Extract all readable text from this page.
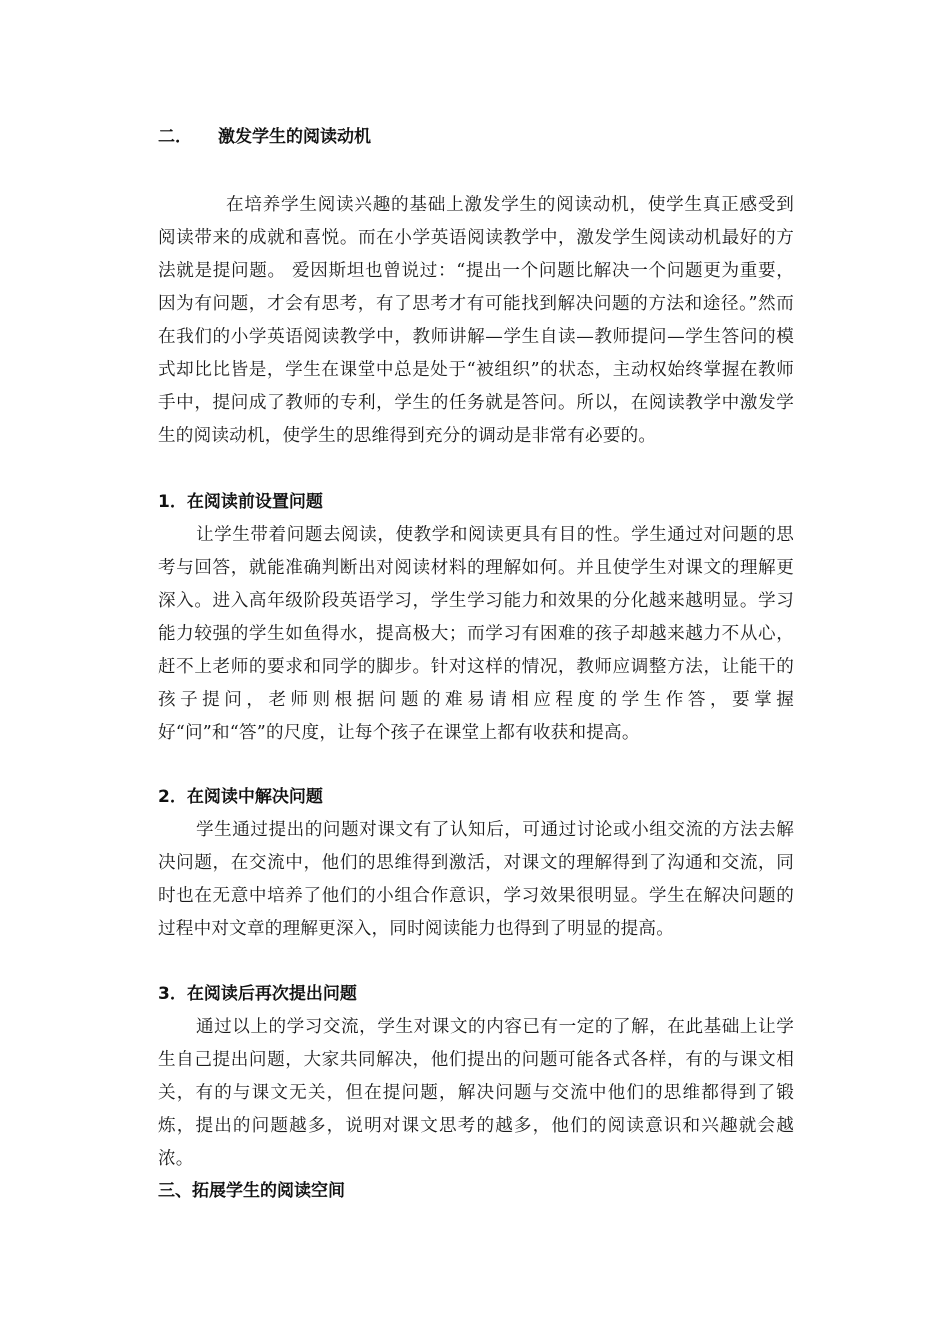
二． 激发学生的阅读动机

在培养学生阅读兴趣的基础上激发学生的阅读动机，使学生真正感受到阅读带来的成就和喜悦。而在小学英语阅读教学中，激发学生阅读动机最好的方法就是提问题。 爱因斯坦也曾说过：“提出一个问题比解决一个问题更为重要，因为有问题，才会有思考，有了思考才有可能找到解决问题的方法和途径。”然而在我们的小学英语阅读教学中，教师讲解—学生自读—教师提问—学生答问的模式却比比皆是，学生在课堂中总是处于“被组织”的状态，主动权始终掌握在教师手中，提问成了教师的专利，学生的任务就是答问。所以，在阅读教学中激发学生的阅读动机，使学生的思维得到充分的调动是非常有必要的。

1．在阅读前设置问题

让学生带着问题去阅读，使教学和阅读更具有目的性。学生通过对问题的思考与回答，就能准确判断出对阅读材料的理解如何。并且使学生对课文的理解更深入。进入高年级阶段英语学习，学生学习能力和效果的分化越来越明显。学习能力较强的学生如鱼得水，提高极大；而学习有困难的孩子却越来越力不从心，赶不上老师的要求和同学的脚步。针对这样的情况，教师应调整方法，让能干的孩子提问，老师则根据问题的难易请相应程度的学生作答，要掌握好“问”和“答”的尺度，让每个孩子在课堂上都有收获和提高。

2．在阅读中解决问题

学生通过提出的问题对课文有了认知后，可通过讨论或小组交流的方法去解决问题，在交流中，他们的思维得到激活，对课文的理解得到了沟通和交流，同时也在无意中培养了他们的小组合作意识，学习效果很明显。学生在解决问题的过程中对文章的理解更深入，同时阅读能力也得到了明显的提高。

3．在阅读后再次提出问题

通过以上的学习交流，学生对课文的内容已有一定的了解，在此基础上让学生自己提出问题，大家共同解决，他们提出的问题可能各式各样，有的与课文相关，有的与课文无关，但在提问题，解决问题与交流中他们的思维都得到了锻炼，提出的问题越多，说明对课文思考的越多，他们的阅读意识和兴趣就会越浓。

三、拓展学生的阅读空间
